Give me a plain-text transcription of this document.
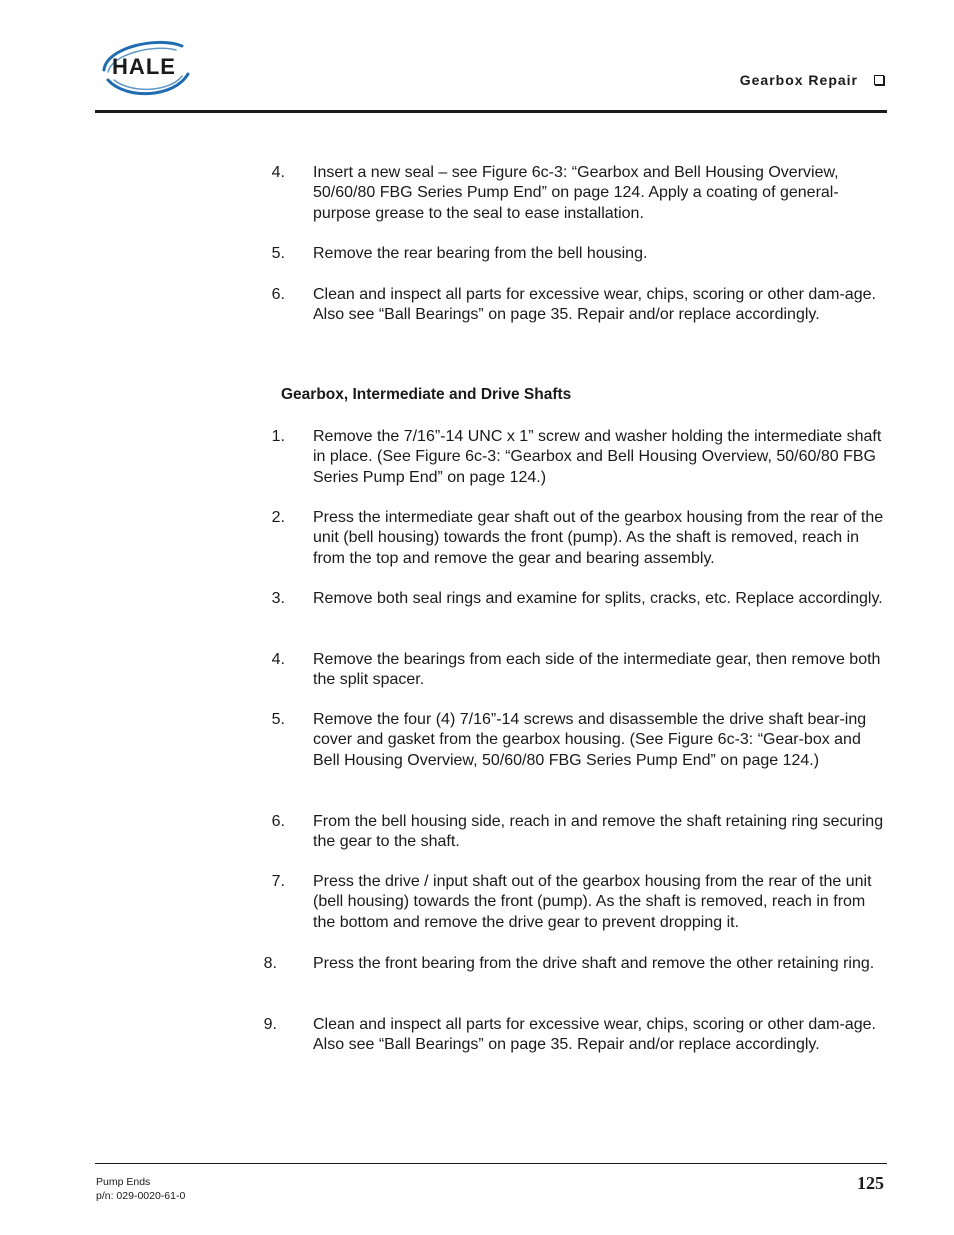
HALE
Gearbox Repair
4. Insert a new seal – see Figure 6c-3: “Gearbox and Bell Housing Overview, 50/60/80 FBG Series Pump End” on page 124. Apply a coating of general-purpose grease to the seal to ease installation.
5. Remove the rear bearing from the bell housing.
6. Clean and inspect all parts for excessive wear, chips, scoring or other dam-age. Also see “Ball Bearings” on page 35. Repair and/or replace accordingly.
Gearbox, Intermediate and Drive Shafts
1. Remove the 7/16”-14 UNC x 1” screw and washer holding the intermediate shaft in place. (See Figure 6c-3: “Gearbox and Bell Housing Overview, 50/60/80 FBG Series Pump End” on page 124.)
2. Press the intermediate gear shaft out of the gearbox housing from the rear of the unit (bell housing) towards the front (pump). As the shaft is removed, reach in from the top and remove the gear and bearing assembly.
3. Remove both seal rings and examine for splits, cracks, etc. Replace accordingly.
4. Remove the bearings from each side of the intermediate gear, then remove both the split spacer.
5. Remove the four (4) 7/16”-14 screws and disassemble the drive shaft bear-ing cover and gasket from the gearbox housing. (See Figure 6c-3: “Gear-box and Bell Housing Overview, 50/60/80 FBG Series Pump End” on page 124.)
6. From the bell housing side, reach in and remove the shaft retaining ring securing the gear to the shaft.
7. Press the drive / input shaft out of the gearbox housing from the rear of the unit (bell housing) towards the front (pump). As the shaft is removed, reach in from the bottom and remove the drive gear to prevent dropping it.
8. Press the front bearing from the drive shaft and remove the other retaining ring.
9. Clean and inspect all parts for excessive wear, chips, scoring or other dam-age. Also see “Ball Bearings” on page 35. Repair and/or replace accordingly.
Pump Ends
p/n: 029-0020-61-0
125
